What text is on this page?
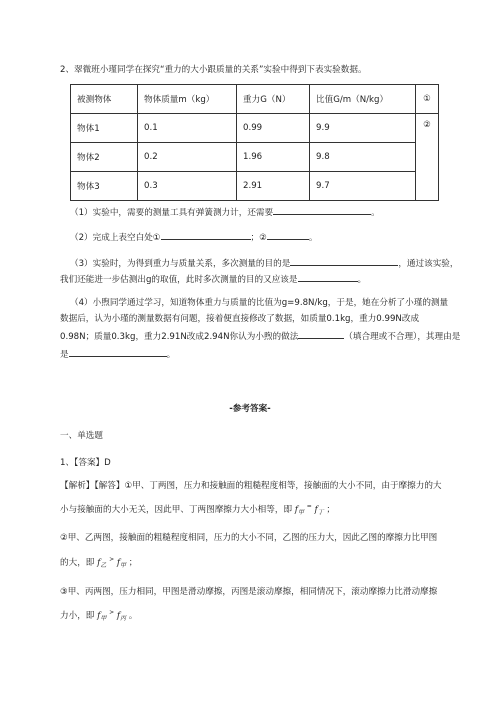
2、翠微班小瑾同学在探究“重力的大小跟质量的关系”实验中得到下表实验数据。
被测物体	物体质量m（kg）	重力G（N）	比值G/m（N/kg）	①
物体1	0.1	0.99	9.9	②
物体2	0.2	1.96	9.8	
物体3	0.3	2.91	9.7	
（1）实验中，需要的测量工具有弹簧测力计，还需要	。
（2）完成上表空白处①	；②	。
（3）实验时，为得到重力与质量关系，多次测量的目的是	，通过该实验，
我们还能进一步估测出g的取值，此时多次测量的目的又应该是	。
（4）小煦同学通过学习，知道物体重力与质量的比值为g=9.8N/kg，于是，她在分析了小瑾的测量
数据后，认为小瑾的测量数据有问题，接着便直接修改了数据，如质量0.1kg，重力0.99N改成
0.98N；质量0.3kg，重力2.91N改成2.94N你认为小煦的做法	（填合理或不合理），其理由是
是	。
-参考答案-
一、单选题
1、【答案】D
【解析】【解答】①甲、丁两图，压力和接触面的粗糙程度相等，接触面的大小不同，由于摩擦力的大
小与接触面的大小无关，因此甲、丁两图摩擦力大小相等，即 $f_甲$ = $f_丁$ ；
②甲、乙两图，接触面的粗糙程度相同，压力的大小不同，乙图的压力大，因此乙图的摩擦力比甲图
的大，即 $f_乙$ > $f_甲$ ；
③甲、丙两图，压力相同，甲图是滑动摩擦，丙图是滚动摩擦，相同情况下，滚动摩擦力比滑动摩擦
力小，即 $f_甲$ > $f_丙$ 。
